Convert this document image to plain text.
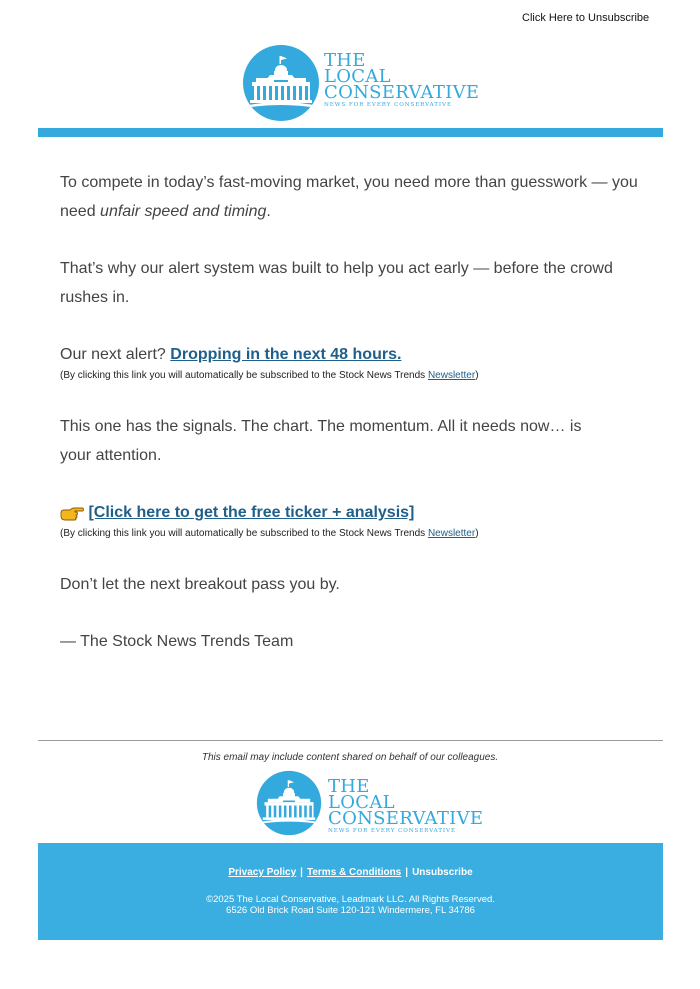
Click Here to Unsubscribe
THE
LOCAL
CONSERVATIVE
NEWS FOR EVERY CONSERVATIVE

To compete in today’s fast-moving market, you need more than guesswork — you need unfair speed and timing.

That’s why our alert system was built to help you act early — before the crowd rushes in.

Our next alert? Dropping in the next 48 hours.

(By clicking this link you will automatically be subscribed to the Stock News Trends Newsletter)

This one has the signals. The chart. The momentum. All it needs now… is your attention.

[Click here to get the free ticker + analysis]
(By clicking this link you will automatically be subscribed to the Stock News Trends Newsletter)

Don’t let the next breakout pass you by.

— The Stock News Trends Team

This email may include content shared on behalf of our colleagues.
THE
LOCAL
CONSERVATIVE
NEWS FOR EVERY CONSERVATIVE
Privacy Policy | Terms & Conditions | Unsubscribe
©2025 The Local Conservative, Leadmark LLC. All Rights Reserved.
6526 Old Brick Road Suite 120-121 Windermere, FL 34786
